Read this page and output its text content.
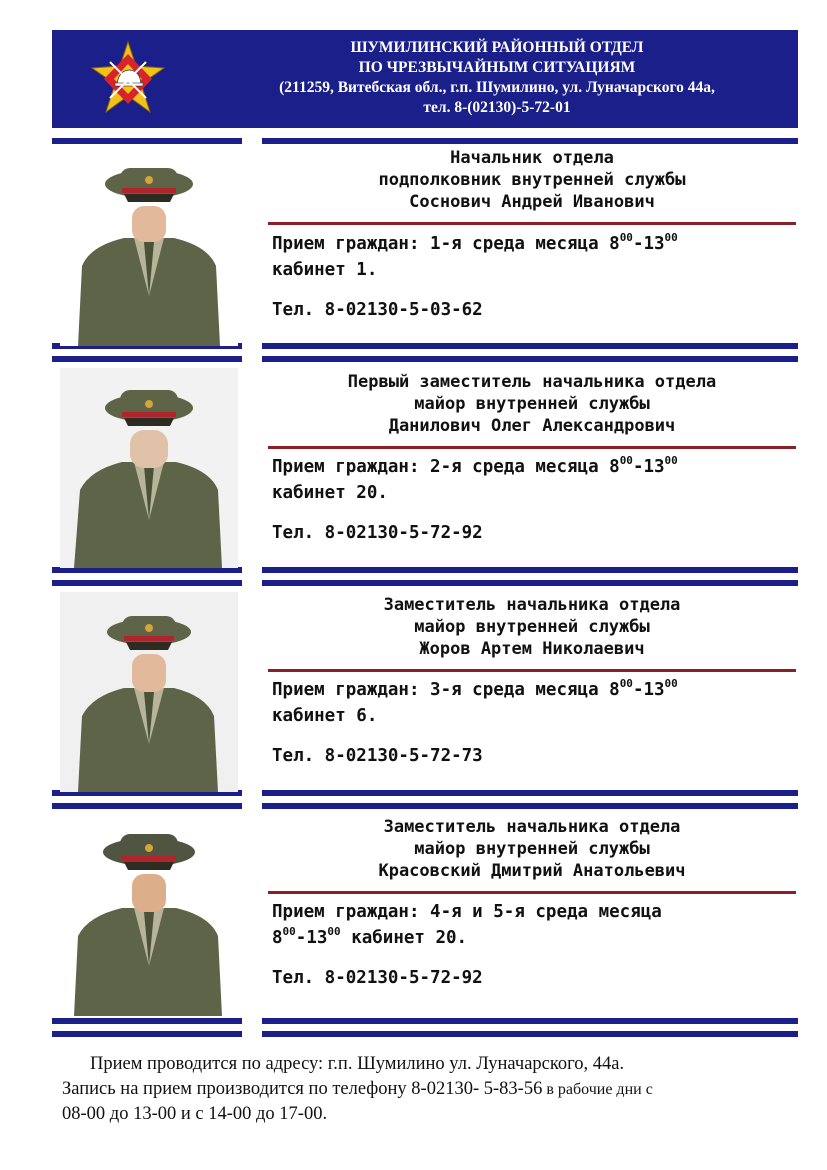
ШУМИЛИНСКИЙ РАЙОННЫЙ ОТДЕЛ
ПО ЧРЕЗВЫЧАЙНЫМ СИТУАЦИЯМ
(211259, Витебская обл., г.п. Шумилино, ул. Луначарского 44а,
тел. 8-(02130)-5-72-01
Начальник отдела
подполковник внутренней службы
Соснович Андрей Иванович
Прием граждан: 1-я среда месяца $8^{00}-13^{00}$
кабинет 1.
Тел. 8-02130-5-03-62
Первый заместитель начальника отдела
майор внутренней службы
Данилович Олег Александрович
Прием граждан: 2-я среда месяца $8^{00}-13^{00}$
кабинет 20.
Тел. 8-02130-5-72-92
Заместитель начальника отдела
майор внутренней службы
Жоров Артем Николаевич
Прием граждан: 3-я среда месяца $8^{00}-13^{00}$
кабинет 6.
Тел. 8-02130-5-72-73
Заместитель начальника отдела
майор внутренней службы
Красовский Дмитрий Анатольевич
Прием граждан: 4-я и 5-я среда месяца
$8^{00}-13^{00}$ кабинет 20.
Тел. 8-02130-5-72-92
Прием проводится по адресу: г.п. Шумилино ул. Луначарского, 44а.
Запись на прием производится по телефону 8-02130- 5-83-56 в рабочие дни с
08-00 до 13-00 и с 14-00 до 17-00.
